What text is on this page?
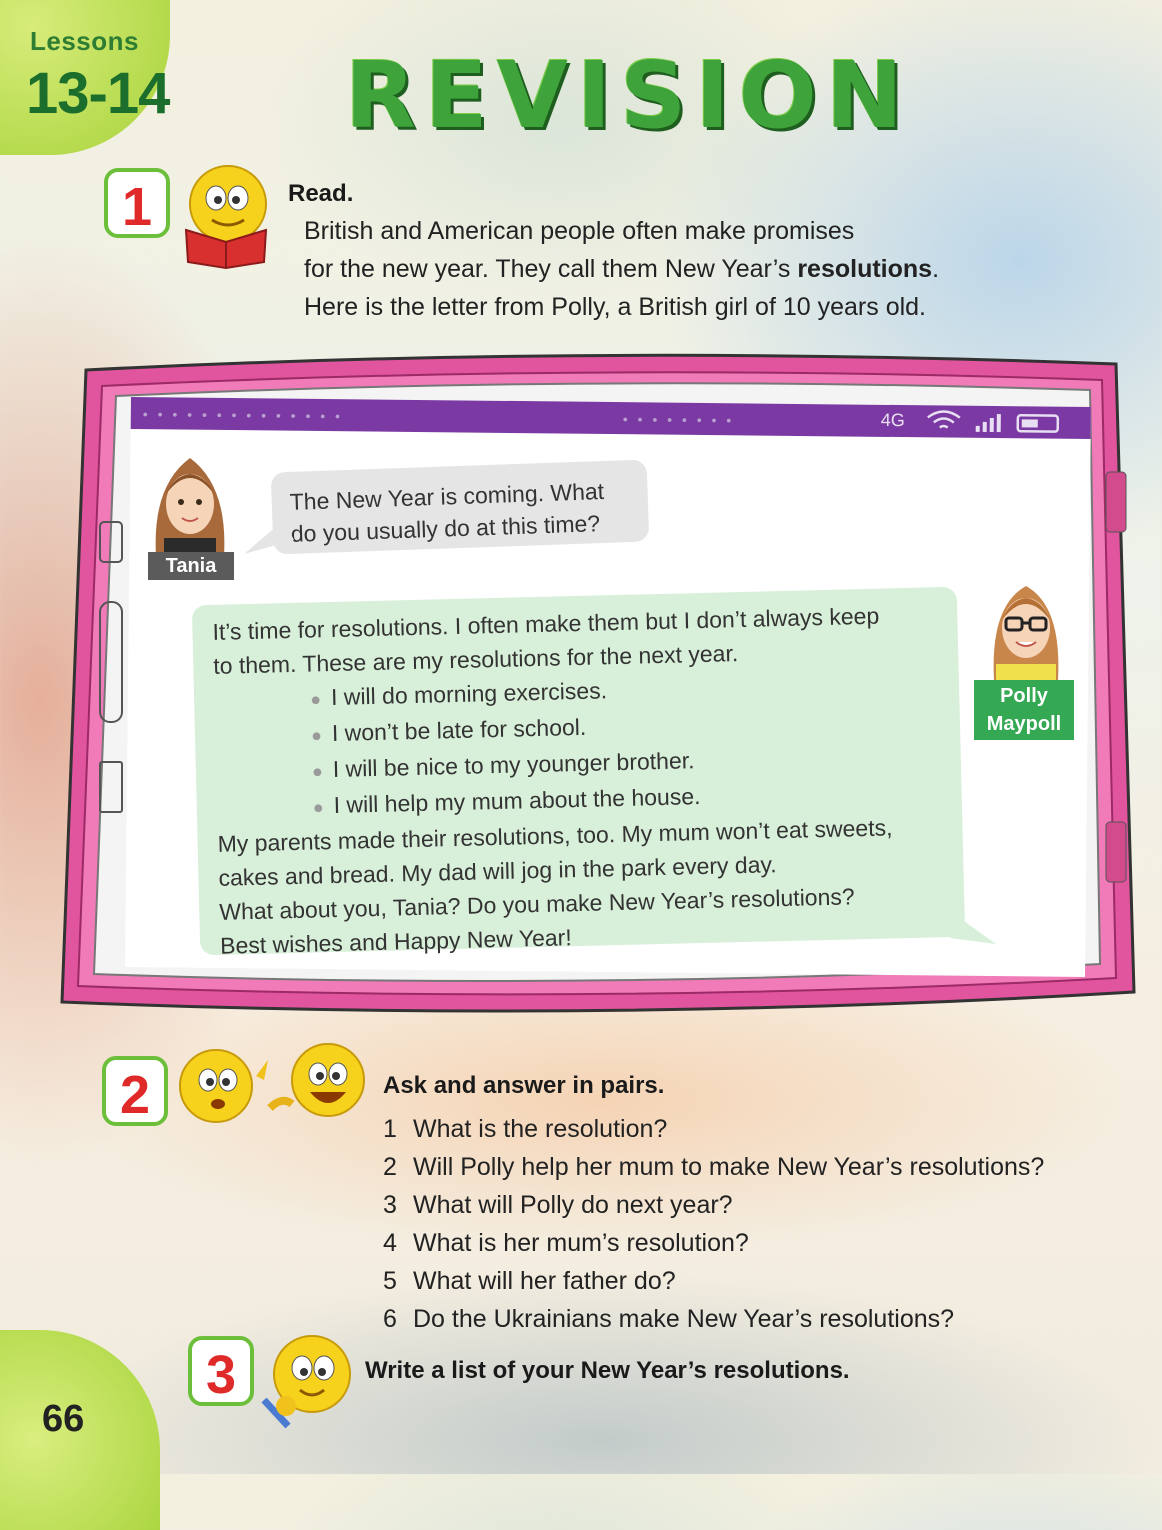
Lessons
13-14 REVISION
1	Read.

British and American people often make promises

for the new year. They call them New Year’s resolutions.

Here is the letter from Polly, a British girl of 10 years old.

• • • • • • • • • • • • • •	• • • • • • • •	4G
Tania
The New Year is coming. What
do you usually do at this time?
It’s time for resolutions. I often make them but I don’t always keep
to them. These are my resolutions for the next year.
● I will do morning exercises.
● I won’t be late for school.
● I will be nice to my younger brother.
● I will help my mum about the house.
My parents made their resolutions, too. My mum won’t eat sweets,
cakes and bread. My dad will jog in the park every day.
What about you, Tania? Do you make New Year’s resolutions?
Best wishes and Happy New Year!
Polly
Maypoll
2	Ask and answer in pairs.
1 What is the resolution?
2 Will Polly help her mum to make New Year’s resolutions?
3 What will Polly do next year?
4 What is her mum’s resolution?
5 What will her father do?
6 Do the Ukrainians make New Year’s resolutions?
3	Write a list of your New Year’s resolutions.
66
